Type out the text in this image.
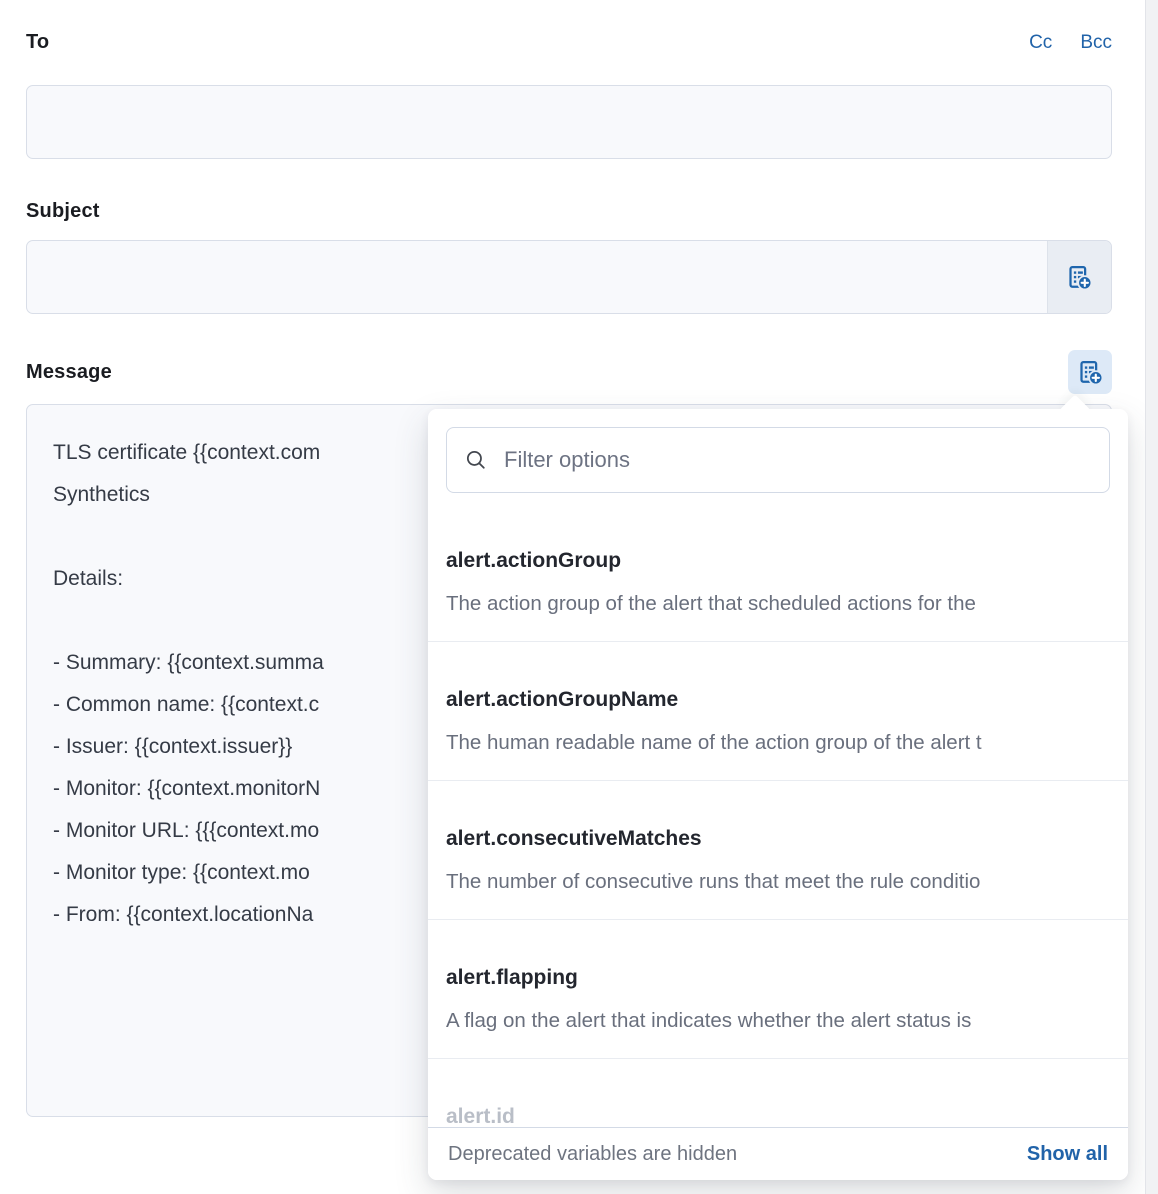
To	Cc Bcc
Subject
Message
TLS certificate {{context.com
Synthetics
Details:
- Summary: {{context.summa
- Common name: {{context.c
- Issuer: {{context.issuer}}
- Monitor: {{context.monitorN
- Monitor URL: {{{context.mo
- Monitor type: {{context.mo
- From: {{context.locationNa
Filter options
alert.actionGroup
The action group of the alert that scheduled actions for the
alert.actionGroupName
The human readable name of the action group of the alert t
alert.consecutiveMatches
The number of consecutive runs that meet the rule conditio
alert.flapping
A flag on the alert that indicates whether the alert status is
alert.id
Deprecated variables are hidden	Show all
